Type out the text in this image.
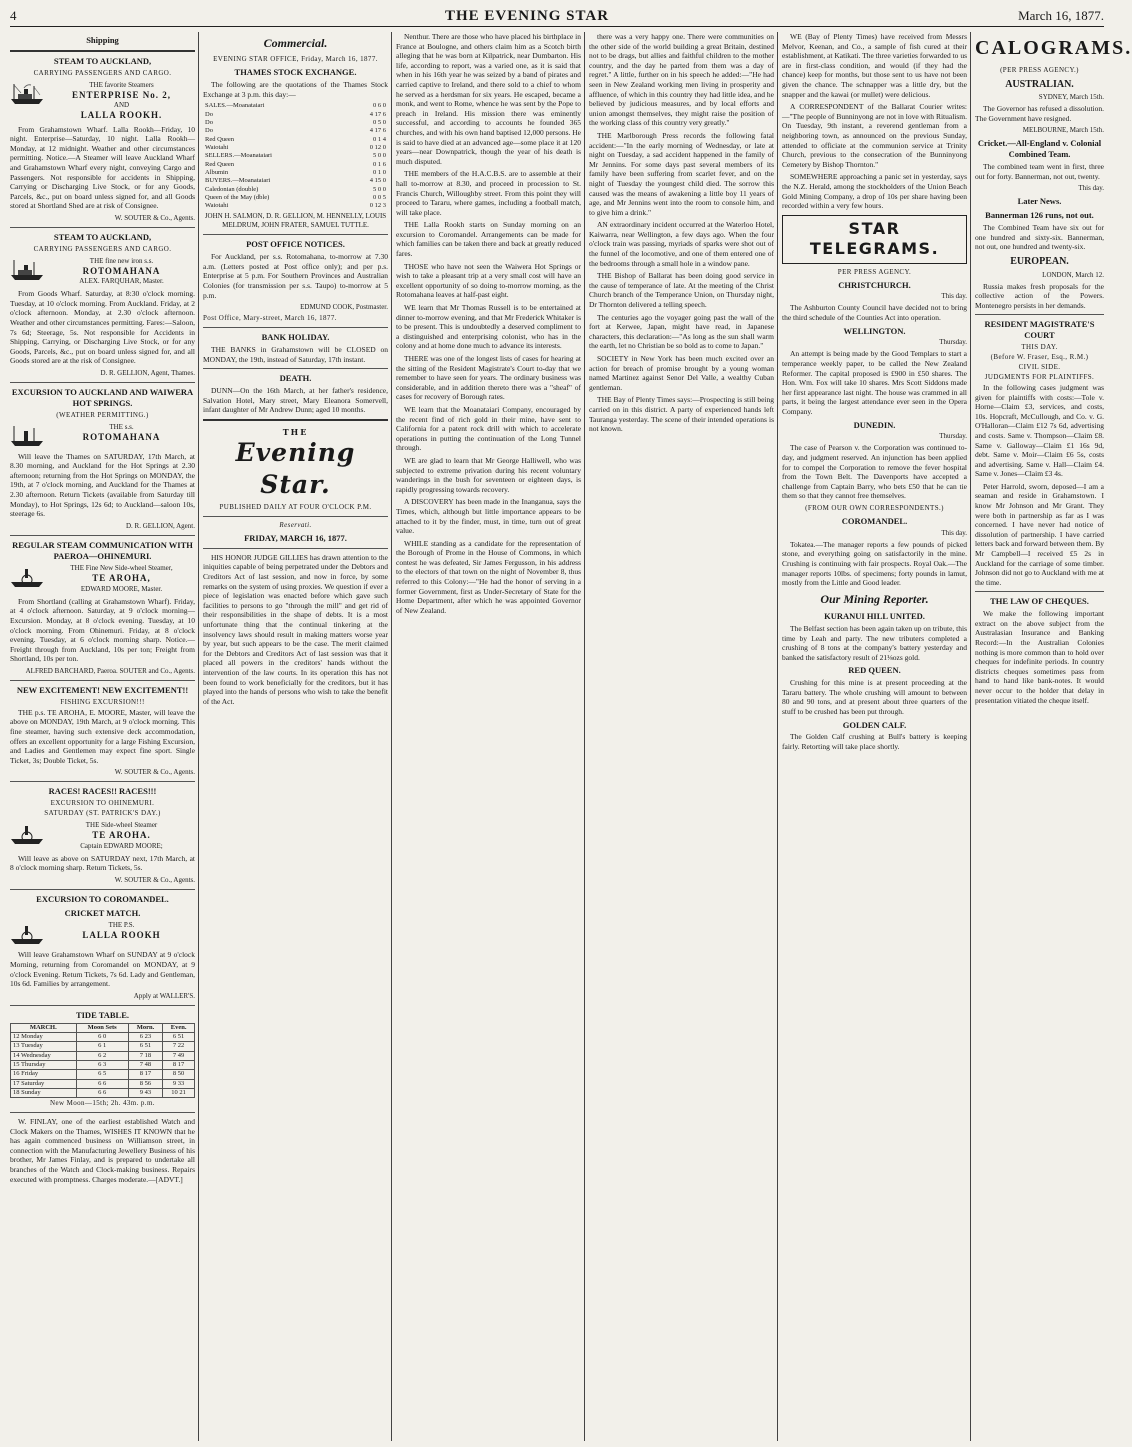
4	THE EVENING STAR	March 16, 1877.
Shipping
STEAM TO AUCKLAND,
CARRYING PASSENGERS AND CARGO.
THE favorite Steamers
ENTERPRISE No. 2,
AND
LALLA ROOKH.

From Grahamstown Wharf. Lalla Rookh—Friday, 10 night. Enterprise—Saturday, 10 night. Lalla Rookh—Monday, at 12 midnight. Weather and other circumstances permitting. Notice.—A Steamer will leave Auckland Wharf and Grahamstown Wharf every night, conveying Cargo and Passengers. Not responsible for accidents in Shipping, Carrying or Discharging Live Stock, or for any Goods, Parcels, &c., put on board unless signed for, and all Goods stored at Shortland Shed are at risk of Consignee.

W. SOUTER & Co., Agents.
STEAM TO AUCKLAND,
CARRYING PASSENGERS AND CARGO.
THE fine new iron s.s.
ROTOMAHANA
ALEX. FARQUHAR, Master.

From Goods Wharf. Saturday, at 8:30 o'clock morning. Tuesday, at 10 o'clock morning. From Auckland. Friday, at 2 o'clock afternoon. Monday, at 2.30 o'clock afternoon. Weather and other circumstances permitting. Fares:—Saloon, 7s 6d; Steerage, 5s. Not responsible for Accidents in Shipping, Carrying, or Discharging Live Stock, or for any Goods, Parcels, &c., put on board unless signed for, and all Goods stored are at the risk of Consignee.

D. R. GELLION, Agent, Thames.
EXCURSION TO AUCKLAND AND WAIWERA HOT SPRINGS.
(WEATHER PERMITTING.)
THE s.s.
ROTOMAHANA

Will leave the Thames on SATURDAY, 17th March, at 8.30 morning, and Auckland for the Hot Springs at 2.30 afternoon; returning from the Hot Springs on MONDAY, the 19th, at 7 o'clock morning, and Auckland for the Thames at 2.30 afternoon. Return Tickets (available from Saturday till Monday), to Hot Springs, 12s 6d; to Auckland—saloon 10s, steerage 6s.

D. R. GELLION, Agent.
REGULAR STEAM COMMUNICATION WITH PAEROA—OHINEMURI.
THE Fine New Side-wheel Steamer,
TE AROHA,
EDWARD MOORE, Master.

From Shortland (calling at Grahamstown Wharf). Friday, at 4 o'clock afternoon. Saturday, at 9 o'clock morning—Excursion. Monday, at 8 o'clock evening. Tuesday, at 10 o'clock morning. From Ohinemuri. Friday, at 8 o'clock evening. Tuesday, at 6 o'clock morning sharp. Notice.—Freight through from Auckland, 10s per ton; Freight from Shortland, 10s per ton.

ALFRED BARCHARD, Paeroa. SOUTER and Co., Agents.
NEW EXCITEMENT! NEW EXCITEMENT!!
FISHING EXCURSION!!!

THE p.s. TE AROHA, E. MOORE, Master, will leave the above on MONDAY, 19th March, at 9 o'clock morning. This fine steamer, having such extensive deck accommodation, offers an excellent opportunity for a large Fishing Excursion, and Ladies and Gentlemen may expect fine sport. Single Ticket, 3s; Double Ticket, 5s.

W. SOUTER & Co., Agents.
RACES! RACES!! RACES!!!
EXCURSION TO OHINEMURI.
SATURDAY (ST. PATRICK'S DAY.)
THE Side-wheel Steamer
TE AROHA.
Captain EDWARD MOORE;

Will leave as above on SATURDAY next, 17th March, at 8 o'clock morning sharp. Return Tickets, 5s.

W. SOUTER & Co., Agents.
EXCURSION TO COROMANDEL.
CRICKET MATCH.
THE P.S.
LALLA ROOKH

Will leave Grahamstown Wharf on SUNDAY at 9 o'clock Morning, returning from Coromandel on MONDAY, at 9 o'clock Evening. Return Tickets, 7s 6d. Lady and Gentleman, 10s 6d. Families by arrangement.

Apply at WALLER'S.
TIDE TABLE.
MARCH.	Moon Sets	Morn.	Even.
12 Monday	6 0	6 23	6 51
13 Tuesday	6 1	6 51	7 22
14 Wednesday	6 2	7 18	7 49
15 Thursday	6 3	7 48	8 17
16 Friday	6 5	8 17	8 50
17 Saturday	6 6	8 56	9 33
18 Sunday	6 6	9 43	10 21
New Moon—15th; 2h. 43m. p.m.

W. FINLAY, one of the earliest established Watch and Clock Makers on the Thames, WISHES IT KNOWN that he has again commenced business on Williamson street, in connection with the Manufacturing Jewellery Business of his brother, Mr James Finlay, and is prepared to undertake all branches of the Watch and Clock-making business. Repairs executed with promptness. Charges moderate.—[ADVT.]

Commercial.
EVENING STAR OFFICE, Friday, March 16, 1877.
THAMES STOCK EXCHANGE.

The following are the quotations of the Thames Stock Exchange at 3 p.m. this day:—

SALES.—Moanataiari	0 6 0
Do	4 17 6
Do	0 5 0
Do	4 17 6
Red Queen	0 1 4
Waiotahi	0 12 0
SELLERS.—Moanataiari	5 0 0
Red Queen	0 1 6
Albumin	0 1 0
BUYERS.—Moanataiari	4 15 0
Caledonian (double)	5 0 0
Queen of the May (dble)	0 0 5
Waiotahi	0 12 3
JOHN H. SALMON, D. R. GELLION, M. HENNELLY, LOUIS MELDRUM, JOHN FRATER, SAMUEL TUTTLE.
POST OFFICE NOTICES.

For Auckland, per s.s. Rotomahana, to-morrow at 7.30 a.m. (Letters posted at Post office only); and per p.s. Enterprise at 5 p.m. For Southern Provinces and Australian Colonies (for transmission per s.s. Taupo) to-morrow at 5 p.m.

EDMUND COOK, Postmaster.
Post Office, Mary-street, March 16, 1877.
BANK HOLIDAY.

THE BANKS in Grahamstown will be CLOSED on MONDAY, the 19th, instead of Saturday, 17th instant.

DEATH.

DUNN—On the 16th March, at her father's residence, Salvation Hotel, Mary street, Mary Eleanora Somervell, infant daughter of Mr Andrew Dunn; aged 10 months.

THE
Evening Star.
PUBLISHED DAILY AT FOUR O'CLOCK P.M.
Reservati.
FRIDAY, MARCH 16, 1877.

HIS HONOR JUDGE GILLIES has drawn attention to the iniquities capable of being perpetrated under the Debtors and Creditors Act of last session, and now in force, by some remarks on the system of using proxies. We question if ever a piece of legislation was enacted before which gave such facilities to persons to go "through the mill" and get rid of their responsibilities in the shape of debts. It is a most unfortunate thing that the continual tinkering at the insolvency laws should result in making matters worse year by year, but such appears to be the case. The merit claimed for the Debtors and Creditors Act of last session was that it placed all powers in the creditors' hands without the intervention of the law courts. In its operation this has not been found to work beneficially for the creditors, but it has played into the hands of persons who wish to take the benefit of the Act.

Nenthur. There are those who have placed his birthplace in France at Boulogne, and others claim him as a Scotch birth alleging that he was born at Kilpatrick, near Dumbarton. His life, according to report, was a varied one, as it is said that when in his 16th year he was seized by a band of pirates and carried captive to Ireland, and there sold to a chief to whom he served as a herdsman for six years. He escaped, became a monk, and went to Rome, whence he was sent by the Pope to preach in Ireland. His mission there was eminently successful, and according to accounts he founded 365 churches, and with his own hand baptised 12,000 persons. He is said to have died at an advanced age—some place it at 120 years—near Downpatrick, though the year of his death is much disputed.

THE members of the H.A.C.B.S. are to assemble at their hall to-morrow at 8.30, and proceed in procession to St. Francis Church, Willoughby street. From this point they will proceed to Tararu, where games, including a football match, will take place.

THE Lalla Rookh starts on Sunday morning on an excursion to Coromandel. Arrangements can be made for which families can be taken there and back at greatly reduced fares.

THOSE who have not seen the Waiwera Hot Springs or wish to take a pleasant trip at a very small cost will have an excellent opportunity of so doing to-morrow morning, as the Rotomahana leaves at half-past eight.

WE learn that Mr Thomas Russell is to be entertained at dinner to-morrow evening, and that Mr Frederick Whitaker is to be present. This is undoubtedly a deserved compliment to a distinguished and enterprising colonist, who has in the colony and at home done much to advance its interests.

THERE was one of the longest lists of cases for hearing at the sitting of the Resident Magistrate's Court to-day that we remember to have seen for years. The ordinary business was considerable, and in addition thereto there was a "sheaf" of cases for recovery of Borough rates.

WE learn that the Moanataiari Company, encouraged by the recent find of rich gold in their mine, have sent to California for a patent rock drill with which to accelerate operations in putting the continuation of the Long Tunnel through.

WE are glad to learn that Mr George Halliwell, who was subjected to extreme privation during his recent voluntary wanderings in the bush for seventeen or eighteen days, is rapidly progressing towards recovery.

A DISCOVERY has been made in the Inanganua, says the Times, which, although but little importance appears to be attached to it by the finder, must, in time, turn out of great value.

WHILE standing as a candidate for the representation of the Borough of Prome in the House of Commons, in which contest he was defeated, Sir James Fergusson, in his address to the electors of that town on the night of November 8, thus referred to this Colony:—"He had the honor of serving in a former Government, first as Under-Secretary of State for the Home Department, after which he was appointed Governor of New Zealand.

there was a very happy one. There were communities on the other side of the world building a great Britain, destined not to be drags, but allies and faithful children to the mother country, and the day he parted from them was a day of regret." A little, further on in his speech he added:—"He had seen in New Zealand working men living in prosperity and affluence, of which in this country they had little idea, and he believed by judicious measures, and by local efforts and union amongst themselves, they might raise the position of the working class of this country very greatly."

THE Marlborough Press records the following fatal accident:—"In the early morning of Wednesday, or late at night on Tuesday, a sad accident happened in the family of Mr Jennins. For some days past several members of its family have been suffering from scarlet fever, and on the night of Tuesday the youngest child died. The sorrow this caused was the means of awakening a little boy 11 years of age, and Mr Jennins went into the room to console him, and to give him a drink."

AN extraordinary incident occurred at the Waterloo Hotel, Kaiwarra, near Wellington, a few days ago. When the four o'clock train was passing, myriads of sparks were shot out of the funnel of the locomotive, and one of them entered one of the bedrooms through a small hole in a window pane.

THE Bishop of Ballarat has been doing good service in the cause of temperance of late. At the meeting of the Christ Church branch of the Temperance Union, on Thursday night, Dr Thornton delivered a telling speech.

The centuries ago the voyager going past the wall of the fort at Kerwee, Japan, might have read, in Japanese characters, this declaration:—"As long as the sun shall warm the earth, let no Christian be so bold as to come to Japan."

SOCIETY in New York has been much excited over an action for breach of promise brought by a young woman named Martinez against Senor Del Valle, a wealthy Cuban gentleman.

THE Bay of Plenty Times says:—Prospecting is still being carried on in this district. A party of experienced hands left Tauranga yesterday. The scene of their intended operations is not known.

WE (Bay of Plenty Times) have received from Messrs Melvor, Keenan, and Co., a sample of fish cured at their establishment, at Katikati. The three varieties forwarded to us are in first-class condition, and would (if they had the chance) keep for months, but those sent to us have not been given the chance. The schnapper was a little dry, but the snapper and the kawai (or mullet) were delicious.

A CORRESPONDENT of the Ballarat Courier writes:—"The people of Bunninyong are not in love with Ritualism. On Tuesday, 9th instant, a reverend gentleman from a neighboring town, as announced on the previous Sunday, attended to officiate at the communion service at Trinity Church, previous to the consecration of the Bunninyong Cemetery by Bishop Thornton."

SOMEWHERE approaching a panic set in yesterday, says the N.Z. Herald, among the stockholders of the Union Beach Gold Mining Company, a drop of 10s per share having been recorded within a very few hours.

STAR TELEGRAMS.
PER PRESS AGENCY.
CHRISTCHURCH.
This day.

The Ashburton County Council have decided not to bring the third schedule of the Counties Act into operation.

WELLINGTON.
Thursday.

An attempt is being made by the Good Templars to start a temperance weekly paper, to be called the New Zealand Reformer. The capital proposed is £900 in £50 shares. The Hon. Wm. Fox will take 10 shares. Mrs Scott Siddons made her first appearance last night. The house was crammed in all parts, it being the largest attendance ever seen in the Opera Company.

DUNEDIN.
Thursday.

The case of Pearson v. the Corporation was continued to-day, and judgment reserved. An injunction has been applied for to compel the Corporation to remove the fever hospital from the Town Belt. The Davenports have accepted a challenge from Captain Barry, who bets £50 that he can tie them so that they cannot free themselves.

(FROM OUR OWN CORRESPONDENTS.)
COROMANDEL.
This day.

Tokatea.—The manager reports a few pounds of picked stone, and everything going on satisfactorily in the mine. Crushing is continuing with fair prospects. Royal Oak.—The manager reports 10lbs. of specimens; forty pounds in lamut, mostly from the Little and Good leader.

Our Mining Reporter.
KURANUI HILL UNITED.

The Belfast section has been again taken up on tribute, this time by Leah and party. The new tributers completed a crushing of 8 tons at the company's battery yesterday and banked the satisfactory result of 21⅛ozs gold.

RED QUEEN.

Crushing for this mine is at present proceeding at the Tararu battery. The whole crushing will amount to between 80 and 90 tons, and at present about three quarters of the stuff to be crushed has been put through.

GOLDEN CALF.

The Golden Calf crushing at Bull's battery is keeping fairly. Retorting will take place shortly.

CALOGRAMS.
(PER PRESS AGENCY.)
AUSTRALIAN.
SYDNEY, March 15th.

The Governor has refused a dissolution. The Government have resigned.

MELBOURNE, March 15th.
Cricket.—All-England v. Colonial Combined Team.

The combined team went in first, three out for forty. Bannerman, not out, twenty.

This day.
Later News.
Bannerman 126 runs, not out.

The Combined Team have six out for one hundred and sixty-six. Bannerman, not out, one hundred and twenty-six.

EUROPEAN.
LONDON, March 12.

Russia makes fresh proposals for the collective action of the Powers. Montenegro persists in her demands.

RESIDENT MAGISTRATE'S COURT
THIS DAY.
(Before W. Fraser, Esq., R.M.)
CIVIL SIDE.
JUDGMENTS FOR PLAINTIFFS.

In the following cases judgment was given for plaintiffs with costs:—Tole v. Horne—Claim £3, services, and costs, 10s. Hopcraft, McCullough, and Co. v. G. O'Halloran—Claim £12 7s 6d, advertising and costs. Same v. Thompson—Claim £8. Same v. Galloway—Claim £1 16s 9d, debt. Same v. Moir—Claim £6 5s, costs and advertising. Same v. Hall—Claim £4. Same v. Jones—Claim £3 4s.

Peter Harrold, sworn, deposed—I am a seaman and reside in Grahamstown. I know Mr Johnson and Mr Grant. They were both in partnership as far as I was concerned. I have never had notice of dissolution of partnership. I have carried letters back and forward between them. By Mr Campbell—I received £5 2s in Auckland for the carriage of some timber. Johnson did not go to Auckland with me at the time.

THE LAW OF CHEQUES.

We make the following important extract on the above subject from the Australasian Insurance and Banking Record:—In the Australian Colonies nothing is more common than to hold over cheques for indefinite periods. In country districts cheques sometimes pass from hand to hand like bank-notes. It would never occur to the holder that delay in presentation vitiated the cheque itself.
